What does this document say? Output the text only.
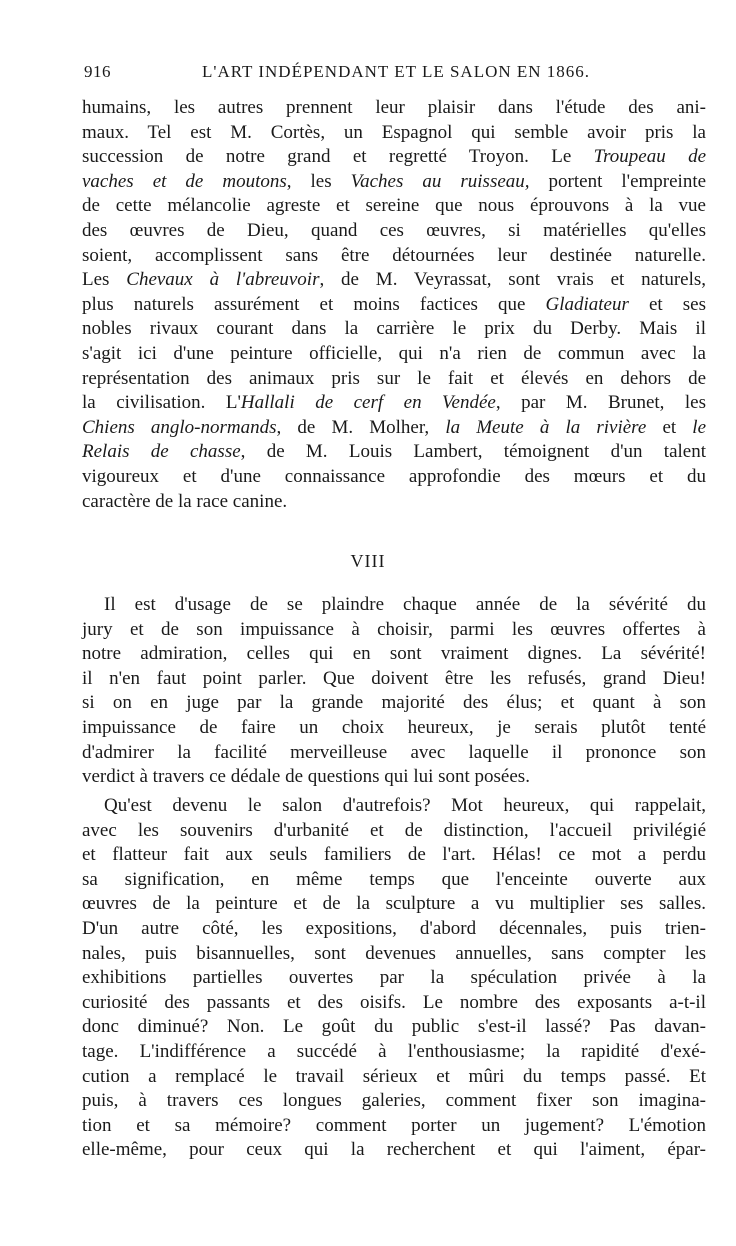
916	L'ART INDÉPENDANT ET LE SALON EN 1866.
humains, les autres prennent leur plaisir dans l'étude des ani-
maux. Tel est M. Cortès, un Espagnol qui semble avoir pris la
succession de notre grand et regretté Troyon. Le Troupeau de
vaches et de moutons, les Vaches au ruisseau, portent l'empreinte
de cette mélancolie agreste et sereine que nous éprouvons à la vue
des œuvres de Dieu, quand ces œuvres, si matérielles qu'elles
soient, accomplissent sans être détournées leur destinée naturelle.
Les Chevaux à l'abreuvoir, de M. Veyrassat, sont vrais et naturels,
plus naturels assurément et moins factices que Gladiateur et ses
nobles rivaux courant dans la carrière le prix du Derby. Mais il
s'agit ici d'une peinture officielle, qui n'a rien de commun avec la
représentation des animaux pris sur le fait et élevés en dehors de
la civilisation. L'Hallali de cerf en Vendée, par M. Brunet, les
Chiens anglo-normands, de M. Molher, la Meute à la rivière et le
Relais de chasse, de M. Louis Lambert, témoignent d'un talent
vigoureux et d'une connaissance approfondie des mœurs et du
caractère de la race canine.
VIII
Il est d'usage de se plaindre chaque année de la sévérité du
jury et de son impuissance à choisir, parmi les œuvres offertes à
notre admiration, celles qui en sont vraiment dignes. La sévérité!
il n'en faut point parler. Que doivent être les refusés, grand Dieu!
si on en juge par la grande majorité des élus; et quant à son
impuissance de faire un choix heureux, je serais plutôt tenté
d'admirer la facilité merveilleuse avec laquelle il prononce son
verdict à travers ce dédale de questions qui lui sont posées.
Qu'est devenu le salon d'autrefois? Mot heureux, qui rappelait,
avec les souvenirs d'urbanité et de distinction, l'accueil privilégié
et flatteur fait aux seuls familiers de l'art. Hélas! ce mot a perdu
sa signification, en même temps que l'enceinte ouverte aux
œuvres de la peinture et de la sculpture a vu multiplier ses salles.
D'un autre côté, les expositions, d'abord décennales, puis trien-
nales, puis bisannuelles, sont devenues annuelles, sans compter les
exhibitions partielles ouvertes par la spéculation privée à la
curiosité des passants et des oisifs. Le nombre des exposants a-t-il
donc diminué? Non. Le goût du public s'est-il lassé? Pas davan-
tage. L'indifférence a succédé à l'enthousiasme; la rapidité d'exé-
cution a remplacé le travail sérieux et mûri du temps passé. Et
puis, à travers ces longues galeries, comment fixer son imagina-
tion et sa mémoire? comment porter un jugement? L'émotion
elle-même, pour ceux qui la recherchent et qui l'aiment, épar-
